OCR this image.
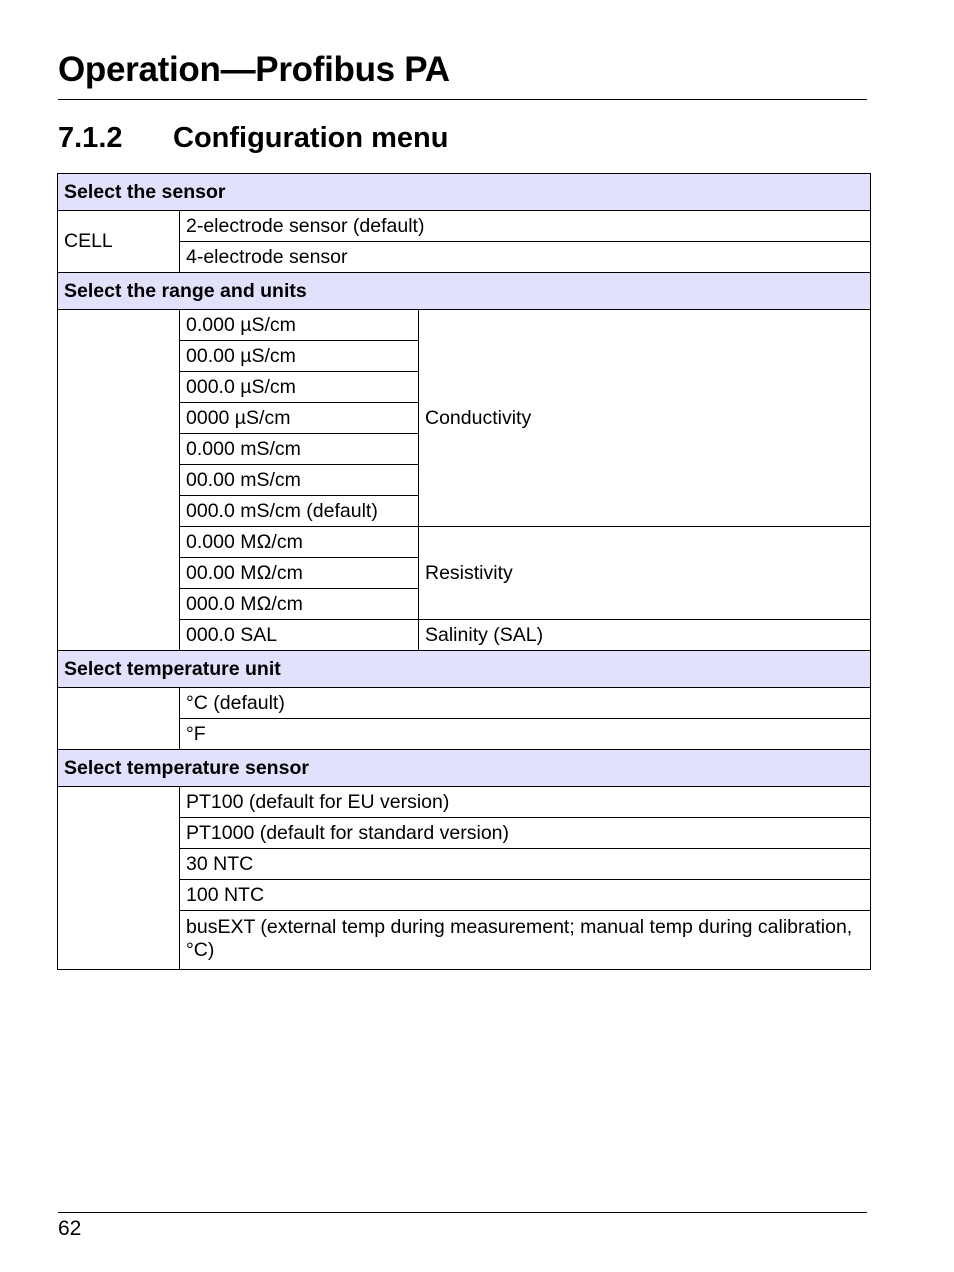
Operation—Profibus PA
7.1.2 Configuration menu
Select the sensor		
CELL	2-electrode sensor (default)	
	4-electrode sensor	
Select the range and units		
	0.000 µS/cm	Conductivity
	00.00 µS/cm	
	000.0 µS/cm	
	0000 µS/cm	
	0.000 mS/cm	
	00.00 mS/cm	
	000.0 mS/cm (default)	
	0.000 MΩ/cm	Resistivity
	00.00 MΩ/cm	
	000.0 MΩ/cm	
	000.0 SAL	Salinity (SAL)
Select temperature unit		
	°C (default)	
	°F	
Select temperature sensor		
	PT100 (default for EU version)	
	PT1000 (default for standard version)	
	30 NTC	
	100 NTC	
	busEXT (external temp during measurement; manual temp during calibration, °C)	
62
